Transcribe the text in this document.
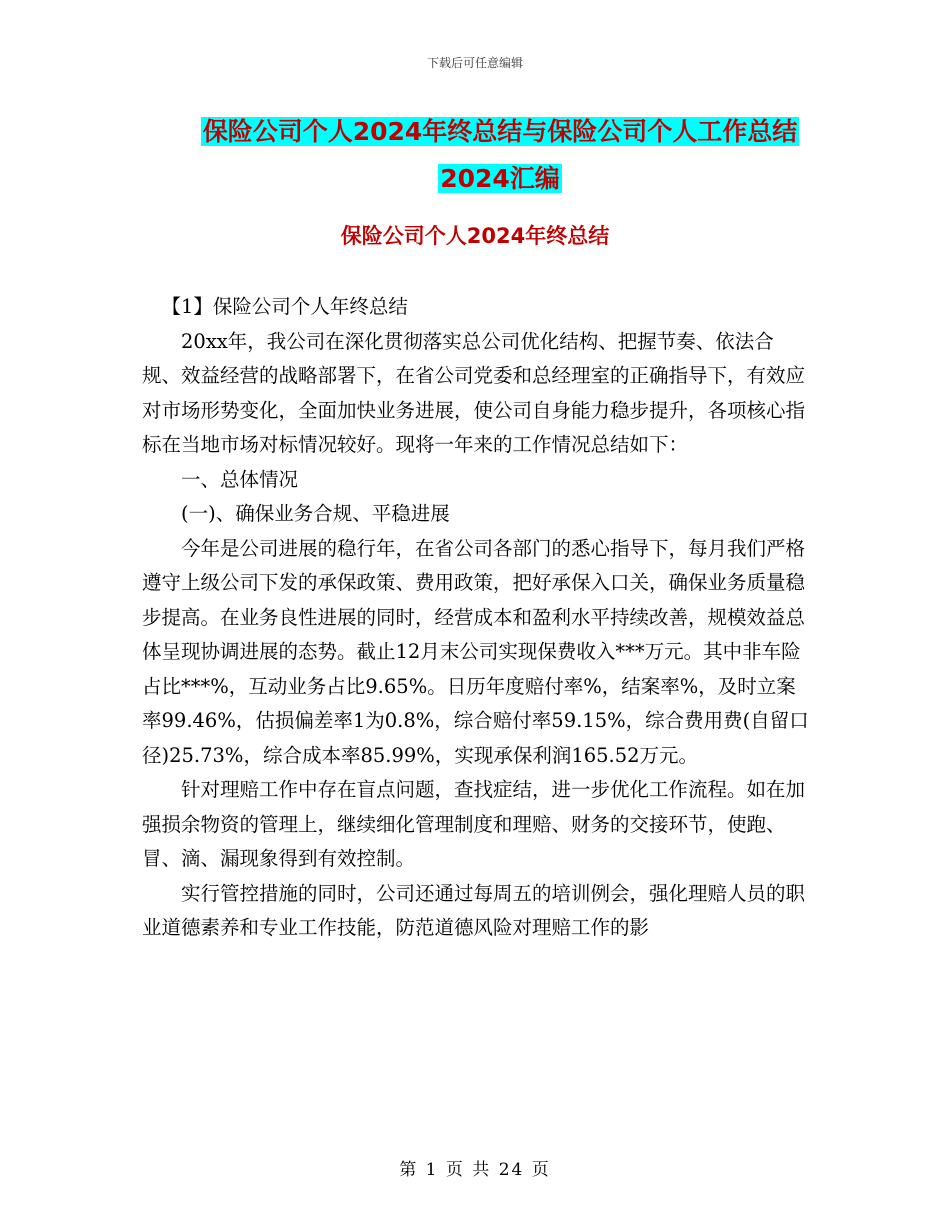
下载后可任意编辑
保险公司个人2024年终总结与保险公司个人工作总结
2024汇编
保险公司个人2024年终总结

【1】保险公司个人年终总结

20xx年，我公司在深化贯彻落实总公司优化结构、把握节奏、依法合规、效益经营的战略部署下，在省公司党委和总经理室的正确指导下，有效应对市场形势变化，全面加快业务进展，使公司自身能力稳步提升，各项核心指标在当地市场对标情况较好。现将一年来的工作情况总结如下：

一、总体情况

(一)、确保业务合规、平稳进展

今年是公司进展的稳行年，在省公司各部门的悉心指导下，每月我们严格遵守上级公司下发的承保政策、费用政策，把好承保入口关，确保业务质量稳步提高。在业务良性进展的同时，经营成本和盈利水平持续改善，规模效益总体呈现协调进展的态势。截止12月末公司实现保费收入***万元。其中非车险占比***%，互动业务占比9.65%。日历年度赔付率%，结案率%，及时立案率99.46%，估损偏差率1为0.8%，综合赔付率59.15%，综合费用费(自留口径)25.73%，综合成本率85.99%，实现承保利润165.52万元。

针对理赔工作中存在盲点问题，查找症结，进一步优化工作流程。如在加强损余物资的管理上，继续细化管理制度和理赔、财务的交接环节，使跑、冒、滴、漏现象得到有效控制。

实行管控措施的同时，公司还通过每周五的培训例会，强化理赔人员的职业道德素养和专业工作技能，防范道德风险对理赔工作的影

第 1 页 共 24 页
